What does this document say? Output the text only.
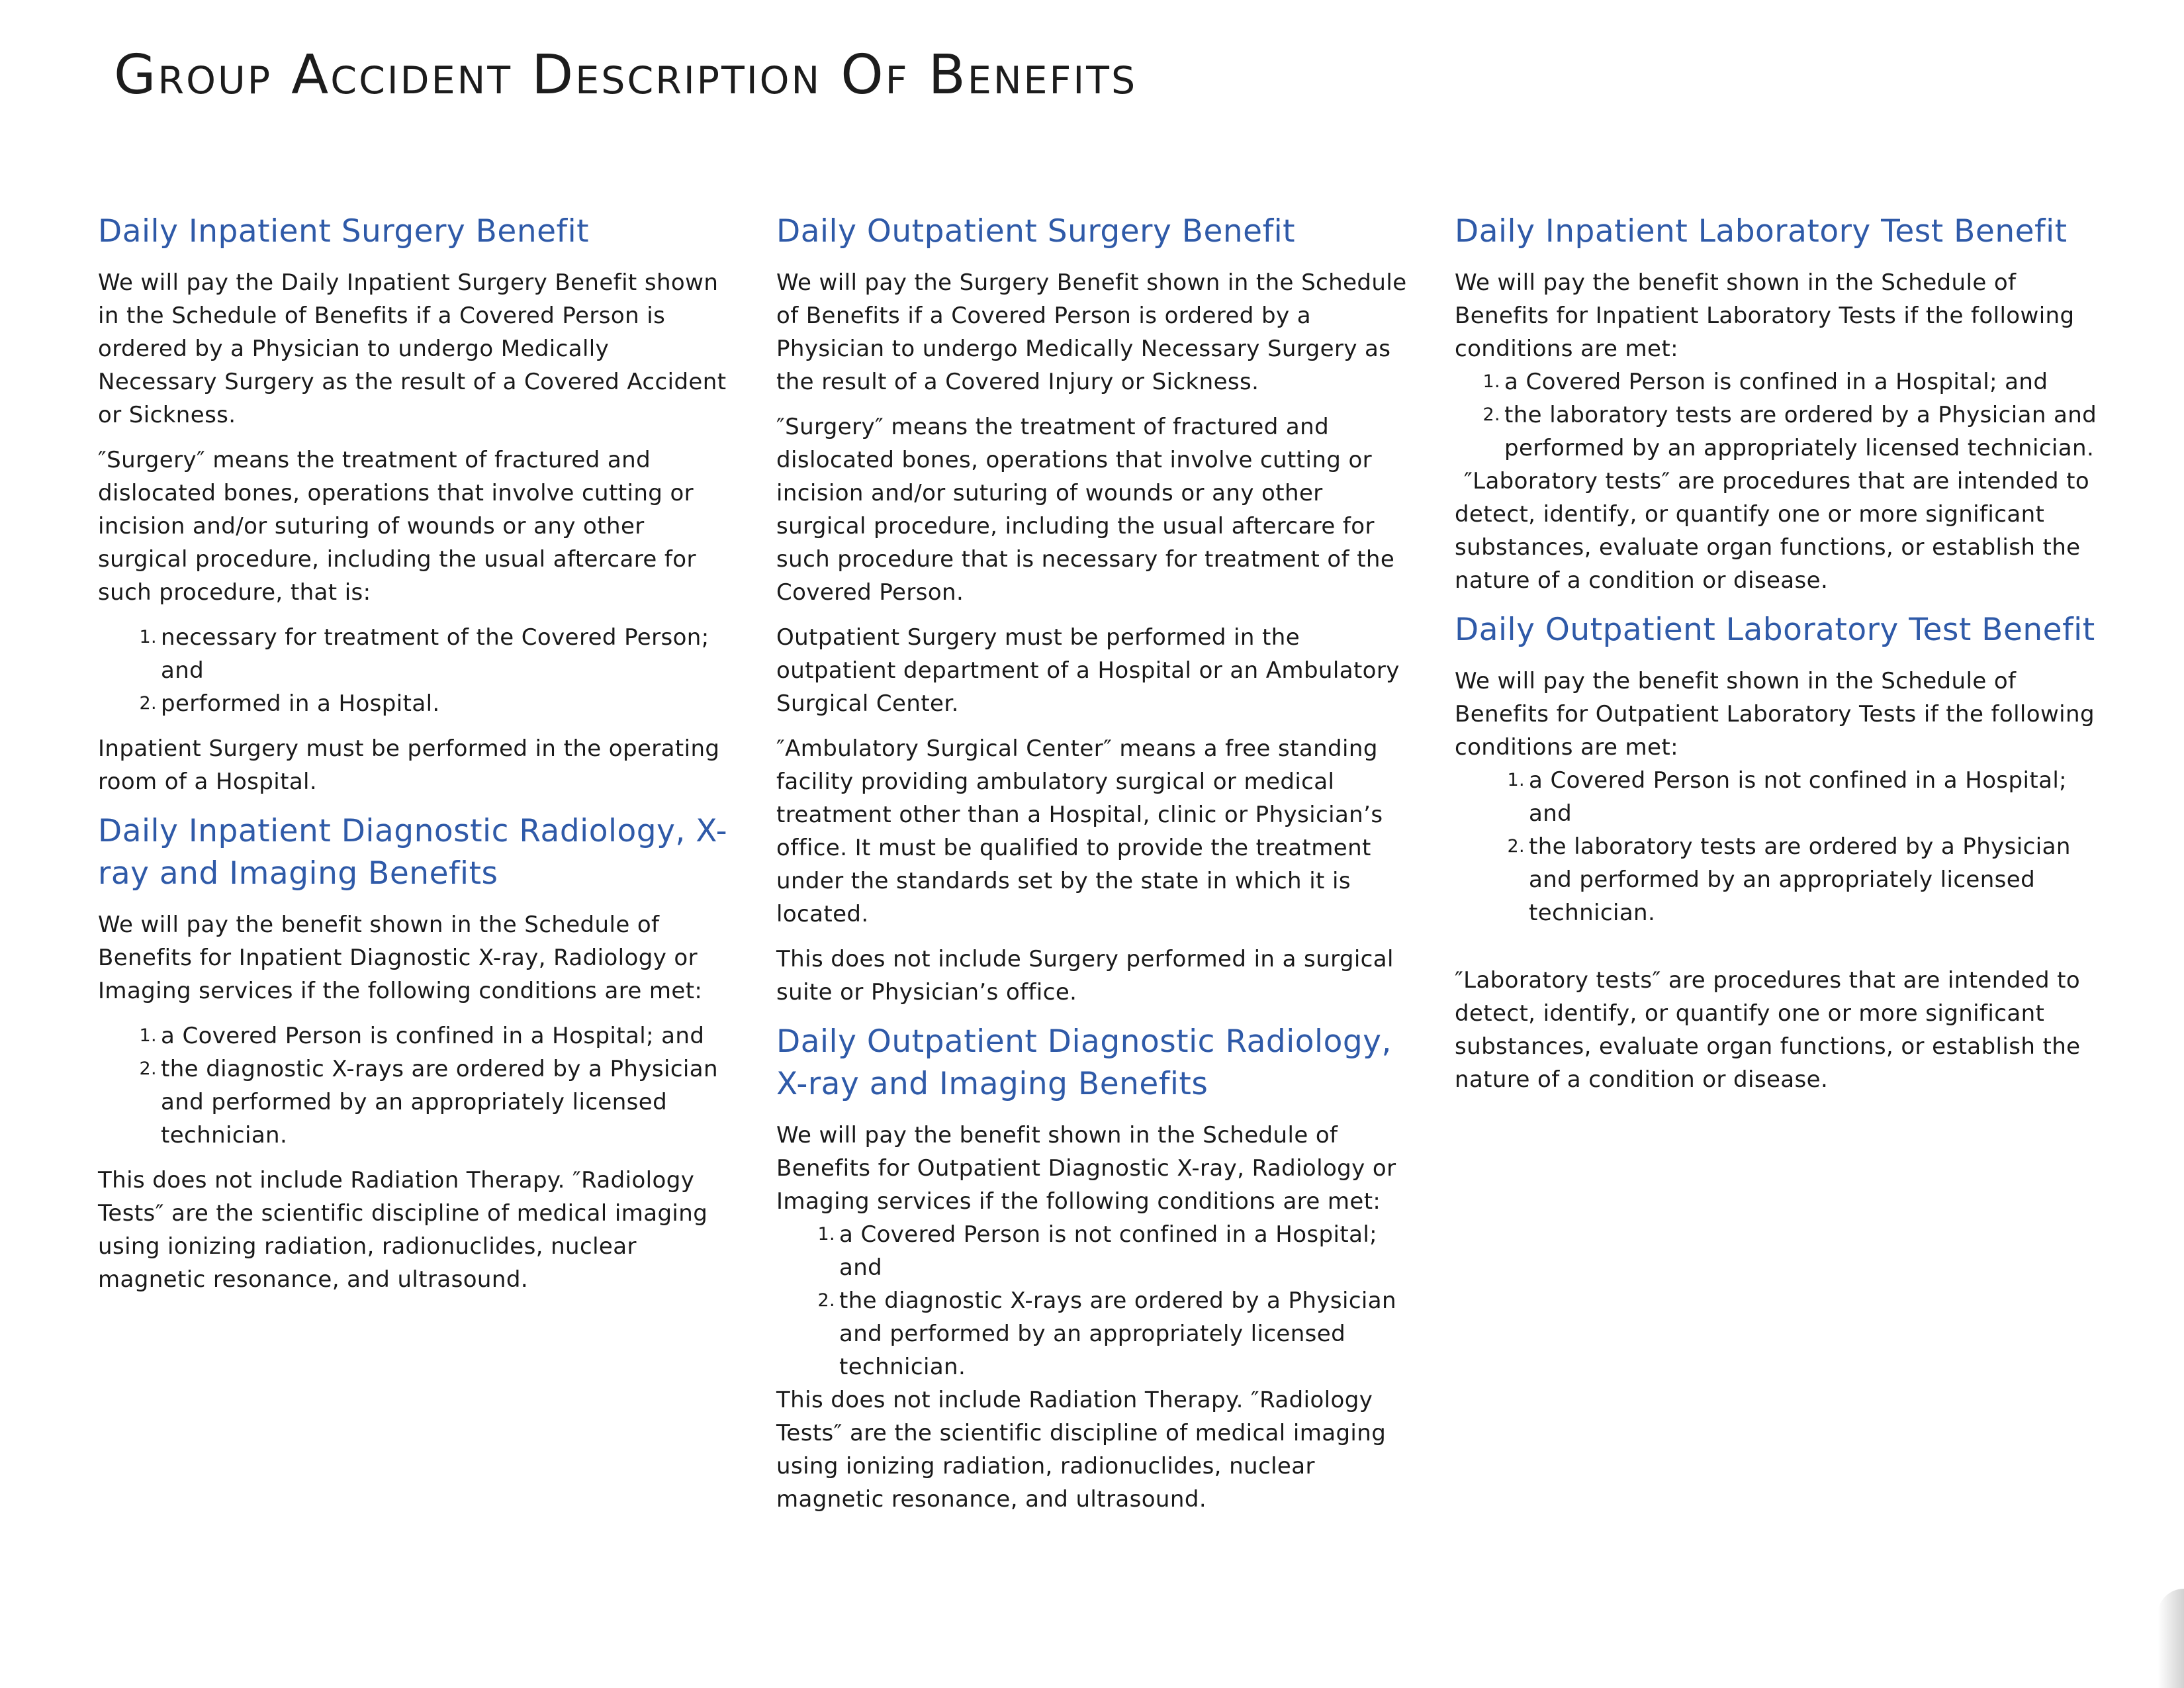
Group Accident Description Of Benefits
Daily Inpatient Surgery Benefit

We will pay the Daily Inpatient Surgery Benefit shown in the Schedule of Benefits if a Covered Person is ordered by a Physician to undergo Medically Necessary Surgery as the result of a Covered Accident or Sickness.

″Surgery″ means the treatment of fractured and dislocated bones, operations that involve cutting or incision and/or suturing of wounds or any other surgical procedure, including the usual aftercare for such procedure, that is:

1. necessary for treatment of the Covered Person; and
2. performed in a Hospital.

Inpatient Surgery must be performed in the operating room of a Hospital.

Daily Inpatient Diagnostic Radiology, X-ray and Imaging Benefits

We will pay the benefit shown in the Schedule of Benefits for Inpatient Diagnostic X-ray, Radiology or Imaging services if the following conditions are met:

1. a Covered Person is confined in a Hospital; and
2. the diagnostic X-rays are ordered by a Physician and performed by an appropriately licensed technician.

This does not include Radiation Therapy. ″Radiology Tests″ are the scientific discipline of medical imaging using ionizing radiation, radionuclides, nuclear magnetic resonance, and ultrasound.

Daily Outpatient Surgery Benefit

We will pay the Surgery Benefit shown in the Schedule of Benefits if a Covered Person is ordered by a Physician to undergo Medically Necessary Surgery as the result of a Covered Injury or Sickness.

″Surgery″ means the treatment of fractured and dislocated bones, operations that involve cutting or incision and/or suturing of wounds or any other surgical procedure, including the usual aftercare for such procedure that is necessary for treatment of the Covered Person.

Outpatient Surgery must be performed in the outpatient department of a Hospital or an Ambulatory Surgical Center.

″Ambulatory Surgical Center″ means a free standing facility providing ambulatory surgical or medical treatment other than a Hospital, clinic or Physician’s office. It must be qualified to provide the treatment under the standards set by the state in which it is located.

This does not include Surgery performed in a surgical suite or Physician’s office.

Daily Outpatient Diagnostic Radiology, X-ray and Imaging Benefits

We will pay the benefit shown in the Schedule of Benefits for Outpatient Diagnostic X-ray, Radiology or Imaging services if the following conditions are met:

1. a Covered Person is not confined in a Hospital; and
2. the diagnostic X-rays are ordered by a Physician and performed by an appropriately licensed technician.

This does not include Radiation Therapy. ″Radiology Tests″ are the scientific discipline of medical imaging using ionizing radiation, radionuclides, nuclear magnetic resonance, and ultrasound.

Daily Inpatient Laboratory Test Benefit

We will pay the benefit shown in the Schedule of Benefits for Inpatient Laboratory Tests if the following conditions are met:

1. a Covered Person is confined in a Hospital; and
2. the laboratory tests are ordered by a Physician and performed by an appropriately licensed technician.

″Laboratory tests″ are procedures that are intended to detect, identify, or quantify one or more significant substances, evaluate organ functions, or establish the nature of a condition or disease.

Daily Outpatient Laboratory Test Benefit

We will pay the benefit shown in the Schedule of Benefits for Outpatient Laboratory Tests if the following conditions are met:

1. a Covered Person is not confined in a Hospital; and
2. the laboratory tests are ordered by a Physician and performed by an appropriately licensed technician.

″Laboratory tests″ are procedures that are intended to detect, identify, or quantify one or more significant substances, evaluate organ functions, or establish the nature of a condition or disease.
